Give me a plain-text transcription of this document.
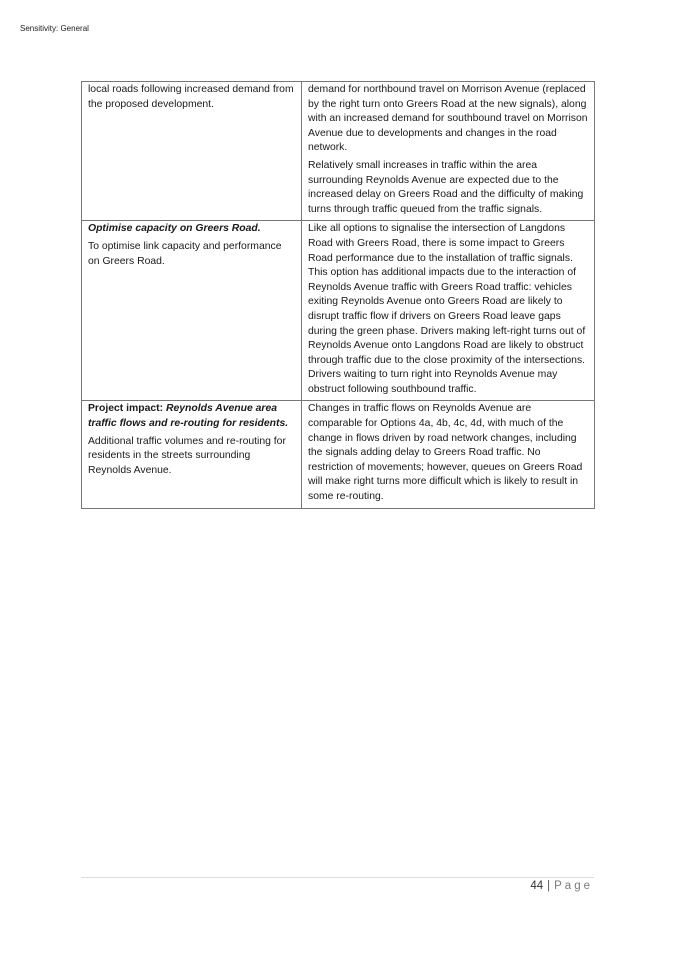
Sensitivity: General

local roads following increased demand from the proposed development.	demand for northbound travel on Morrison Avenue (replaced by the right turn onto Greers Road at the new signals), along with an increased demand for southbound travel on Morrison Avenue due to developments and changes in the road network.

Relatively small increases in traffic within the area surrounding Reynolds Avenue are expected due to the increased delay on Greers Road and the difficulty of making turns through traffic queued from the traffic signals.

Optimise capacity on Greers Road.

To optimise link capacity and performance on Greers Road.	Like all options to signalise the intersection of Langdons Road with Greers Road, there is some impact to Greers Road performance due to the installation of traffic signals. This option has additional impacts due to the interaction of Reynolds Avenue traffic with Greers Road traffic: vehicles exiting Reynolds Avenue onto Greers Road are likely to disrupt traffic flow if drivers on Greers Road leave gaps during the green phase. Drivers making left-right turns out of Reynolds Avenue onto Langdons Road are likely to obstruct through traffic due to the close proximity of the intersections. Drivers waiting to turn right into Reynolds Avenue may obstruct following southbound traffic.

Project impact: Reynolds Avenue area traffic flows and re-routing for residents.

Additional traffic volumes and re-routing for residents in the streets surrounding Reynolds Avenue.	Changes in traffic flows on Reynolds Avenue are comparable for Options 4a, 4b, 4c, 4d, with much of the change in flows driven by road network changes, including the signals adding delay to Greers Road traffic. No restriction of movements; however, queues on Greers Road will make right turns more difficult which is likely to result in some re-routing.

44 | Page
